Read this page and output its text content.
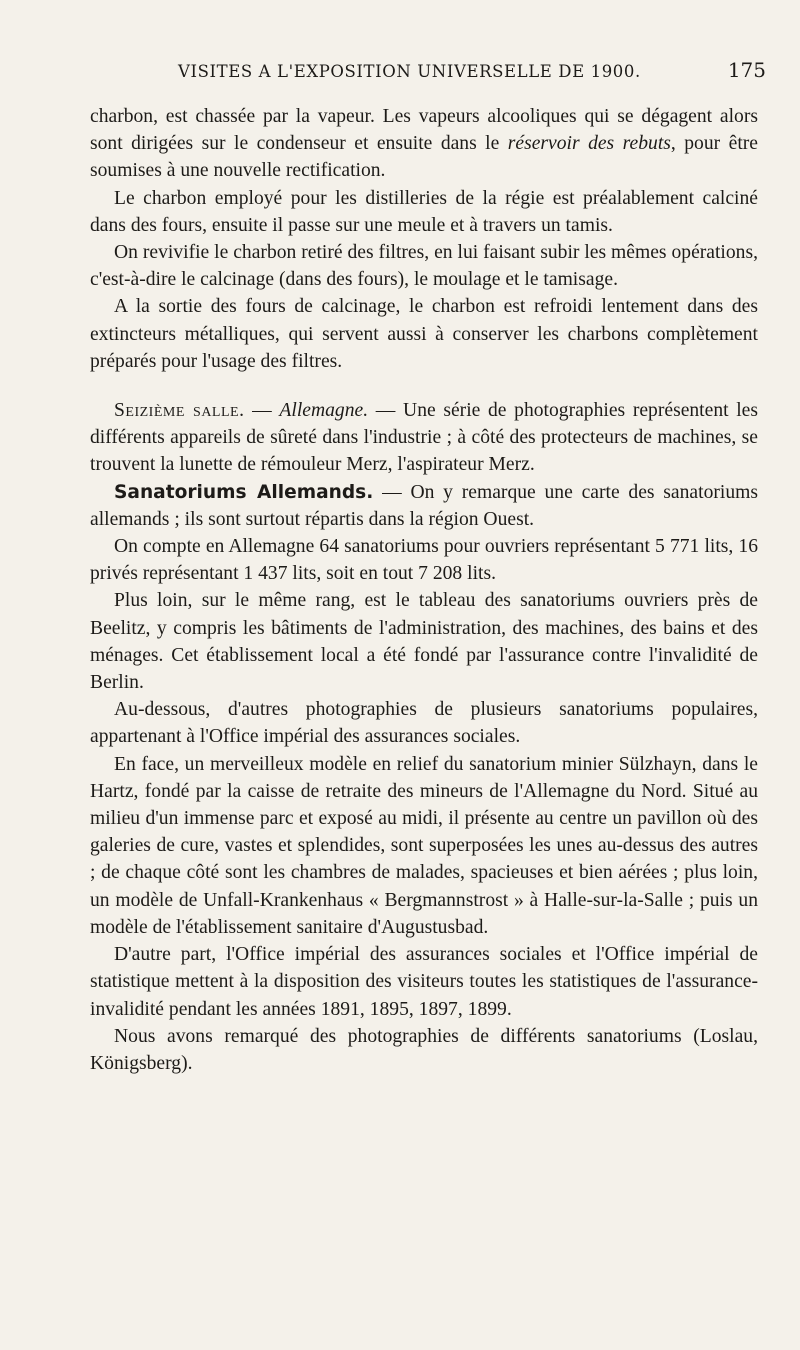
VISITES A L'EXPOSITION UNIVERSELLE DE 1900.	175

charbon, est chassée par la vapeur. Les vapeurs alcooliques qui se dégagent alors sont dirigées sur le condenseur et ensuite dans le réservoir des rebuts, pour être soumises à une nouvelle rectification.

Le charbon employé pour les distilleries de la régie est préalablement calciné dans des fours, ensuite il passe sur une meule et à travers un tamis.

On revivifie le charbon retiré des filtres, en lui faisant subir les mêmes opérations, c'est-à-dire le calcinage (dans des fours), le moulage et le tamisage.

A la sortie des fours de calcinage, le charbon est refroidi lentement dans des extincteurs métalliques, qui servent aussi à conserver les charbons complètement préparés pour l'usage des filtres.

Seizième salle. — Allemagne. — Une série de photographies représentent les différents appareils de sûreté dans l'industrie ; à côté des protecteurs de machines, se trouvent la lunette de rémouleur Merz, l'aspirateur Merz.

Sanatoriums Allemands. — On y remarque une carte des sanatoriums allemands ; ils sont surtout répartis dans la région Ouest.

On compte en Allemagne 64 sanatoriums pour ouvriers représentant 5 771 lits, 16 privés représentant 1 437 lits, soit en tout 7 208 lits.

Plus loin, sur le même rang, est le tableau des sanatoriums ouvriers près de Beelitz, y compris les bâtiments de l'administration, des machines, des bains et des ménages. Cet établissement local a été fondé par l'assurance contre l'invalidité de Berlin.

Au-dessous, d'autres photographies de plusieurs sanatoriums populaires, appartenant à l'Office impérial des assurances sociales.

En face, un merveilleux modèle en relief du sanatorium minier Sülzhayn, dans le Hartz, fondé par la caisse de retraite des mineurs de l'Allemagne du Nord. Situé au milieu d'un immense parc et exposé au midi, il présente au centre un pavillon où des galeries de cure, vastes et splendides, sont superposées les unes au-dessus des autres ; de chaque côté sont les chambres de malades, spacieuses et bien aérées ; plus loin, un modèle de Unfall-Krankenhaus « Bergmannstrost » à Halle-sur-la-Salle ; puis un modèle de l'établissement sanitaire d'Augustusbad.

D'autre part, l'Office impérial des assurances sociales et l'Office impérial de statistique mettent à la disposition des visiteurs toutes les statistiques de l'assurance-invalidité pendant les années 1891, 1895, 1897, 1899.

Nous avons remarqué des photographies de différents sanatoriums (Loslau, Königsberg).
